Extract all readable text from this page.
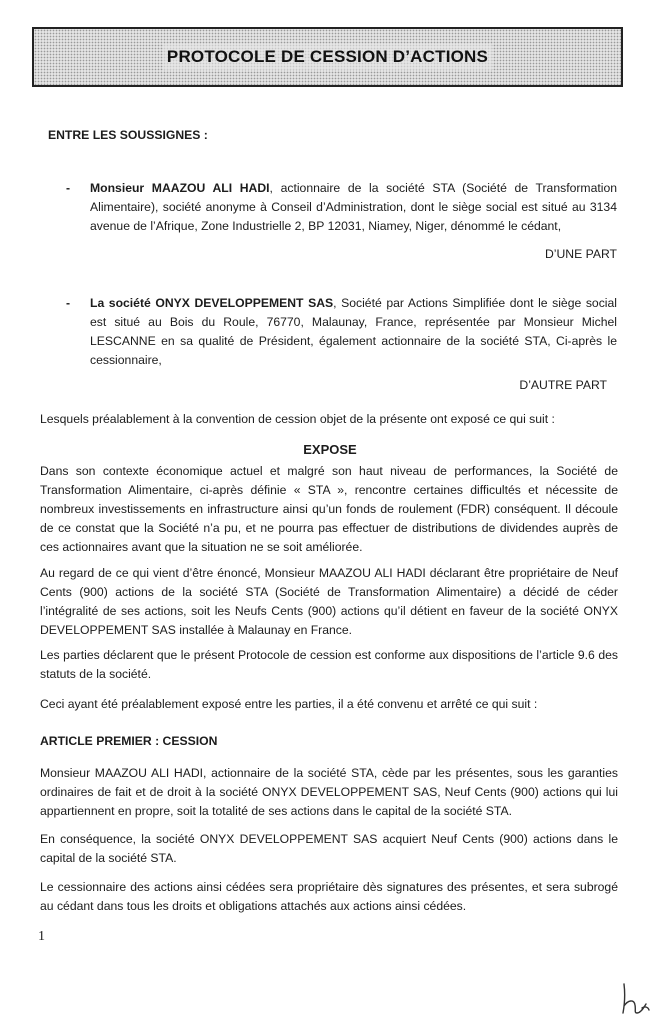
PROTOCOLE DE CESSION D’ACTIONS

ENTRE LES SOUSSIGNES :

- Monsieur MAAZOU ALI HADI, actionnaire de la société STA (Société de Transformation Alimentaire), société anonyme à Conseil d’Administration, dont le siège social est situé au 3134 avenue de l’Afrique, Zone Industrielle 2, BP 12031, Niamey, Niger, dénommé le cédant,

D’UNE PART

- La société ONYX DEVELOPPEMENT SAS, Société par Actions Simplifiée dont le siège social est situé au Bois du Roule, 76770, Malaunay, France, représentée par Monsieur Michel LESCANNE en sa qualité de Président, également actionnaire de la société STA, Ci-après le cessionnaire,

D’AUTRE PART

Lesquels préalablement à la convention de cession objet de la présente ont exposé ce qui suit :

EXPOSE

Dans son contexte économique actuel et malgré son haut niveau de performances, la Société de Transformation Alimentaire, ci-après définie « STA », rencontre certaines difficultés et nécessite de nombreux investissements en infrastructure ainsi qu’un fonds de roulement (FDR) conséquent. Il découle de ce constat que la Société n’a pu, et ne pourra pas effectuer de distributions de dividendes auprès de ces actionnaires avant que la situation ne se soit améliorée.

Au regard de ce qui vient d’être énoncé, Monsieur MAAZOU ALI HADI déclarant être propriétaire de Neuf Cents (900) actions de la société STA (Société de Transformation Alimentaire) a décidé de céder l’intégralité de ses actions, soit les Neufs Cents (900) actions qu’il détient en faveur de la société ONYX DEVELOPPEMENT SAS installée à Malaunay en France.

Les parties déclarent que le présent Protocole de cession est conforme aux dispositions de l’article 9.6 des statuts de la société.

Ceci ayant été préalablement exposé entre les parties, il a été convenu et arrêté ce qui suit :

ARTICLE PREMIER : CESSION

Monsieur MAAZOU ALI HADI, actionnaire de la société STA, cède par les présentes, sous les garanties ordinaires de fait et de droit à la société ONYX DEVELOPPEMENT SAS, Neuf Cents (900) actions qui lui appartiennent en propre, soit la totalité de ses actions dans le capital de la société STA.

En conséquence, la société ONYX DEVELOPPEMENT SAS acquiert Neuf Cents (900) actions dans le capital de la société STA.

Le cessionnaire des actions ainsi cédées sera propriétaire dès signatures des présentes, et sera subrogé au cédant dans tous les droits et obligations attachés aux actions ainsi cédées.

1
